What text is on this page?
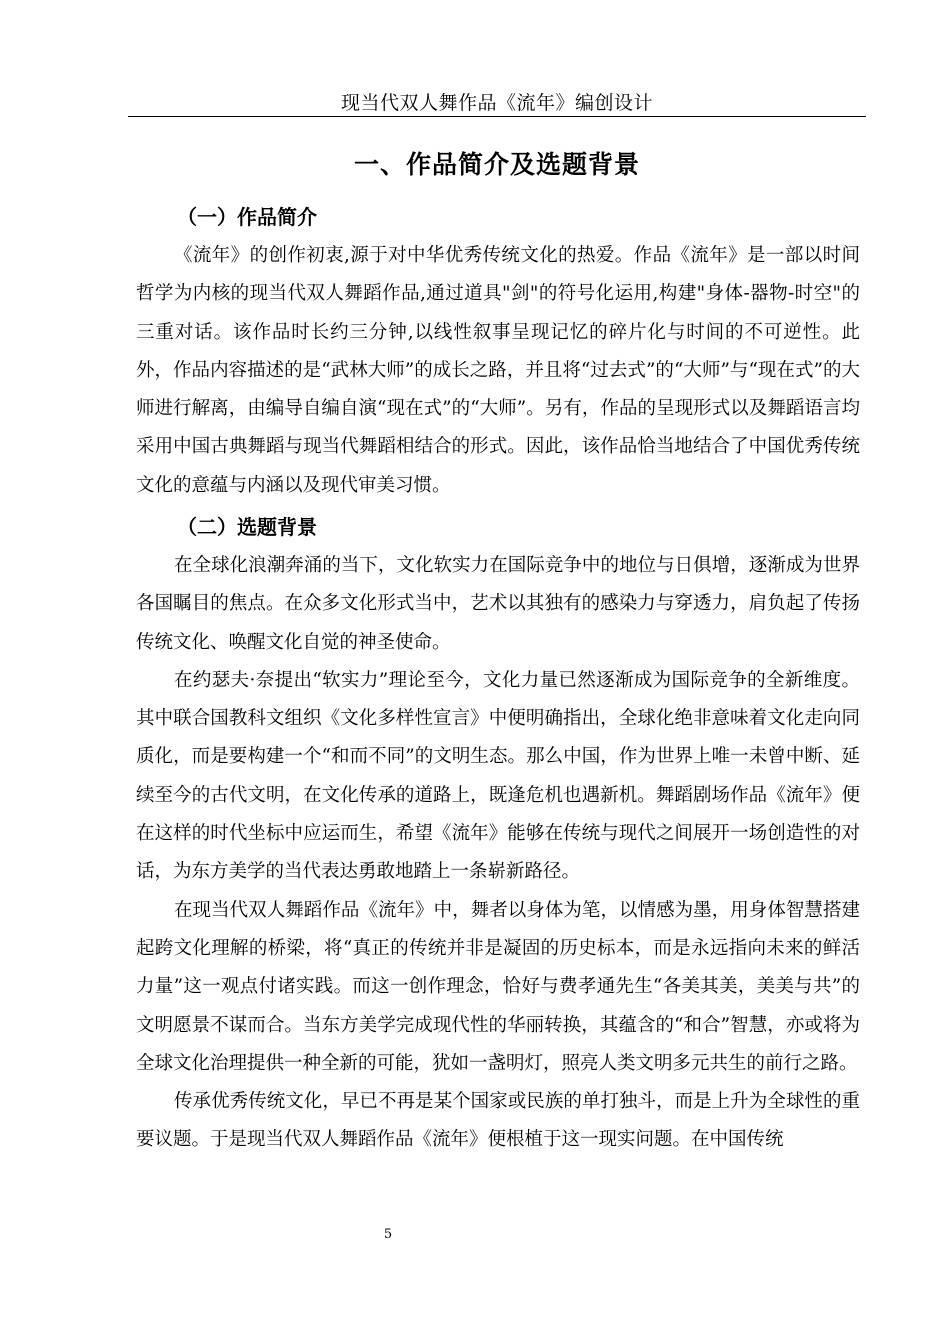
现当代双人舞作品《流年》编创设计
一、作品简介及选题背景
（一）作品简介

《流年》的创作初衷,源于对中华优秀传统文化的热爱。作品《流年》是一部以时间哲学为内核的现当代双人舞蹈作品,通过道具"剑"的符号化运用,构建"身体-器物-时空"的三重对话。该作品时长约三分钟,以线性叙事呈现记忆的碎片化与时间的不可逆性。此外，作品内容描述的是“武林大师”的成长之路，并且将“过去式”的“大师”与“现在式”的大师进行解离，由编导自编自演“现在式”的“大师”。另有，作品的呈现形式以及舞蹈语言均采用中国古典舞蹈与现当代舞蹈相结合的形式。因此，该作品恰当地结合了中国优秀传统文化的意蕴与内涵以及现代审美习惯。

（二）选题背景

在全球化浪潮奔涌的当下，文化软实力在国际竞争中的地位与日俱增，逐渐成为世界各国瞩目的焦点。在众多文化形式当中，艺术以其独有的感染力与穿透力，肩负起了传扬传统文化、唤醒文化自觉的神圣使命。

在约瑟夫·奈提出“软实力”理论至今，文化力量已然逐渐成为国际竞争的全新维度。其中联合国教科文组织《文化多样性宣言》中便明确指出，全球化绝非意味着文化走向同质化，而是要构建一个“和而不同”的文明生态。那么中国，作为世界上唯一未曾中断、延续至今的古代文明，在文化传承的道路上，既逢危机也遇新机。舞蹈剧场作品《流年》便在这样的时代坐标中应运而生，希望《流年》能够在传统与现代之间展开一场创造性的对话，为东方美学的当代表达勇敢地踏上一条崭新路径。

在现当代双人舞蹈作品《流年》中，舞者以身体为笔，以情感为墨，用身体智慧搭建起跨文化理解的桥梁，将“真正的传统并非是凝固的历史标本，而是永远指向未来的鲜活力量”这一观点付诸实践。而这一创作理念，恰好与费孝通先生“各美其美，美美与共”的文明愿景不谋而合。当东方美学完成现代性的华丽转换，其蕴含的“和合”智慧，亦或将为全球文化治理提供一种全新的可能，犹如一盏明灯，照亮人类文明多元共生的前行之路。

传承优秀传统文化，早已不再是某个国家或民族的单打独斗，而是上升为全球性的重要议题。于是现当代双人舞蹈作品《流年》便根植于这一现实问题。在中国传统

5
